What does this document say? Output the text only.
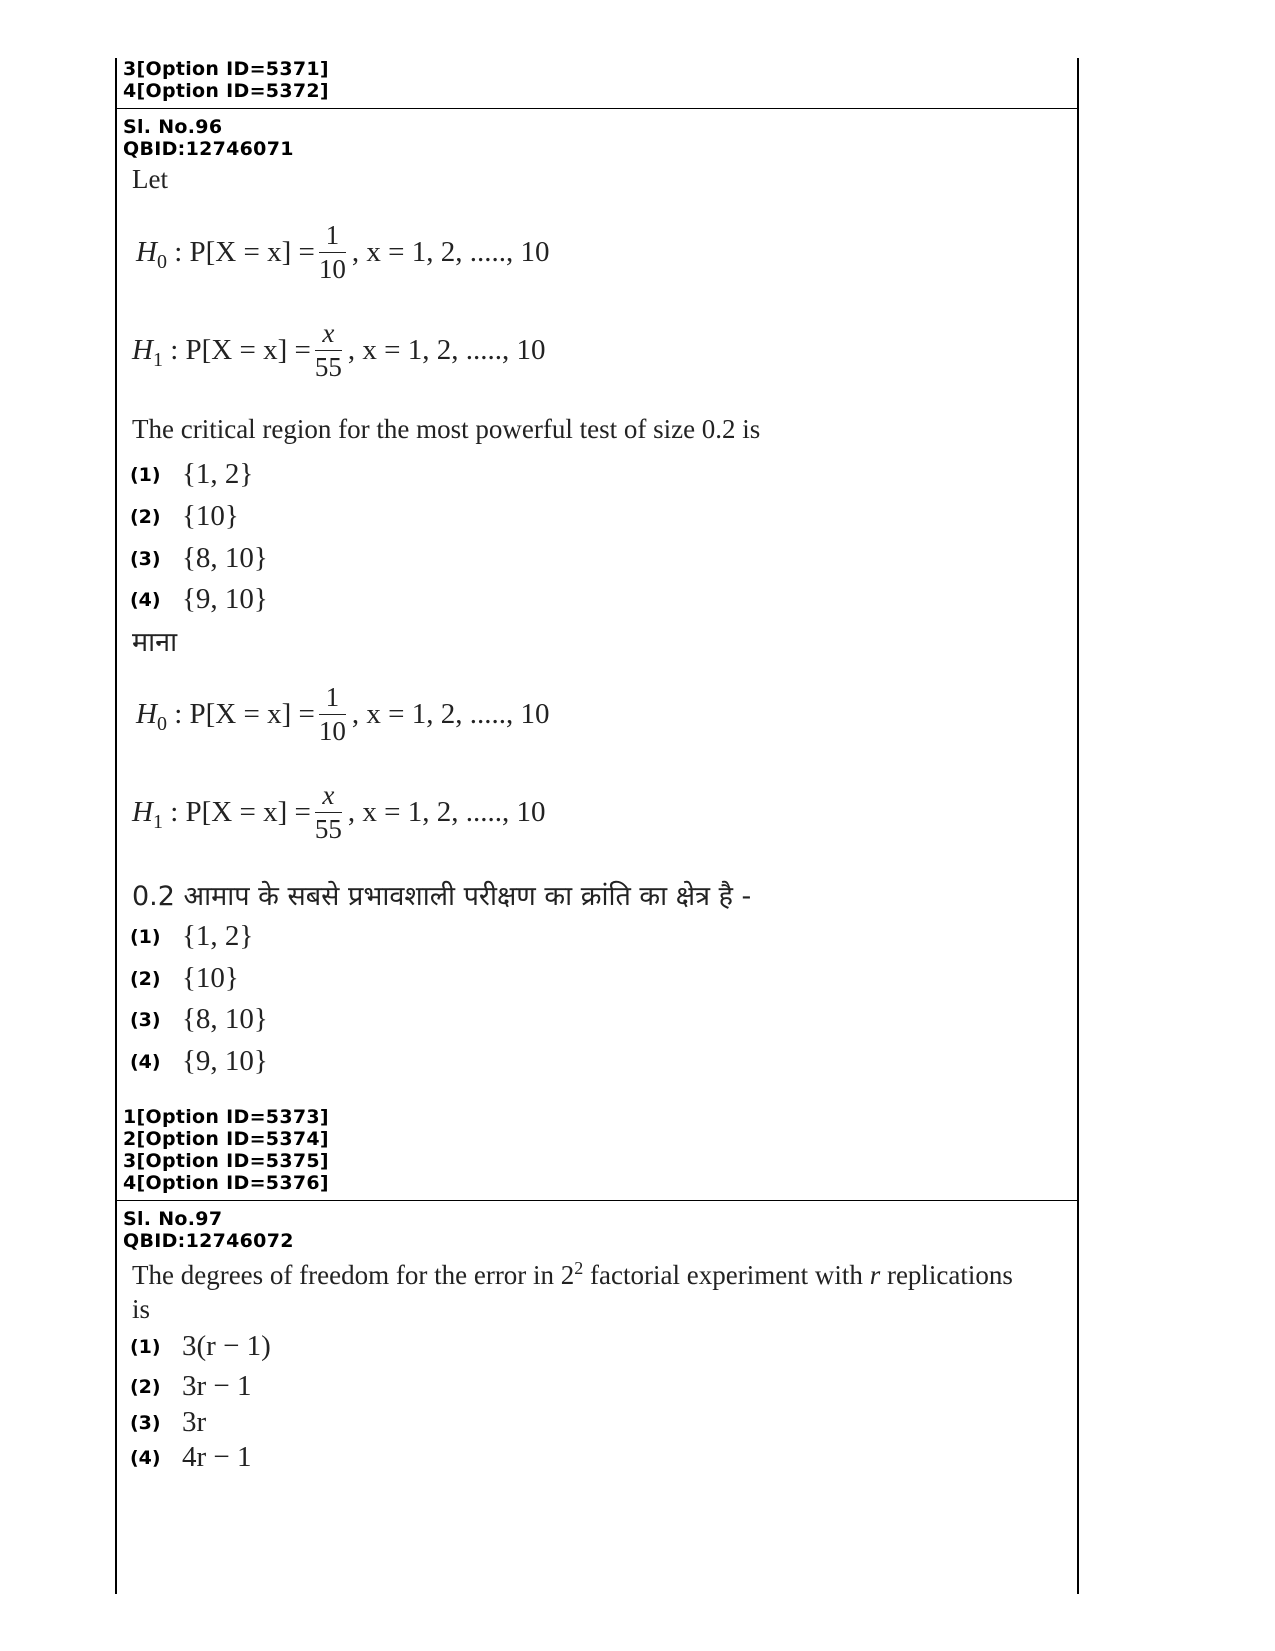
3[Option ID=5371]
4[Option ID=5372]
Sl. No.96
QBID:12746071
Let
H 0
: $P[X = x] = \frac{1}{10}$ , x = 1, 2, ....., 10
H 1
: $P[X = x] = \frac{x}{55}$ , x = 1, 2, ....., 10
The critical region for the most powerful test of size 0.2 is
(1) {1, 2}
(2) {10}
(3) {8, 10}
(4) {9, 10}
माना
H 0
: $P[X = x] = \frac{1}{10}$ , x = 1, 2, ....., 10
H 1
: $P[X = x] = \frac{x}{55}$ , x = 1, 2, ....., 10
0.2 आमाप के सबसे प्रभावशाली परीक्षण का क्रांति का क्षेत्र है -
(1) {1, 2}
(2) {10}
(3) {8, 10}
(4) {9, 10}
1[Option ID=5373]
2[Option ID=5374]
3[Option ID=5375]
4[Option ID=5376]
Sl. No.97
QBID:12746072
The degrees of freedom for the error in $2^2$ factorial experiment with r replications
is
(1) 3(r − 1)
(2) 3r − 1
(3) 3r
(4) 4r − 1
